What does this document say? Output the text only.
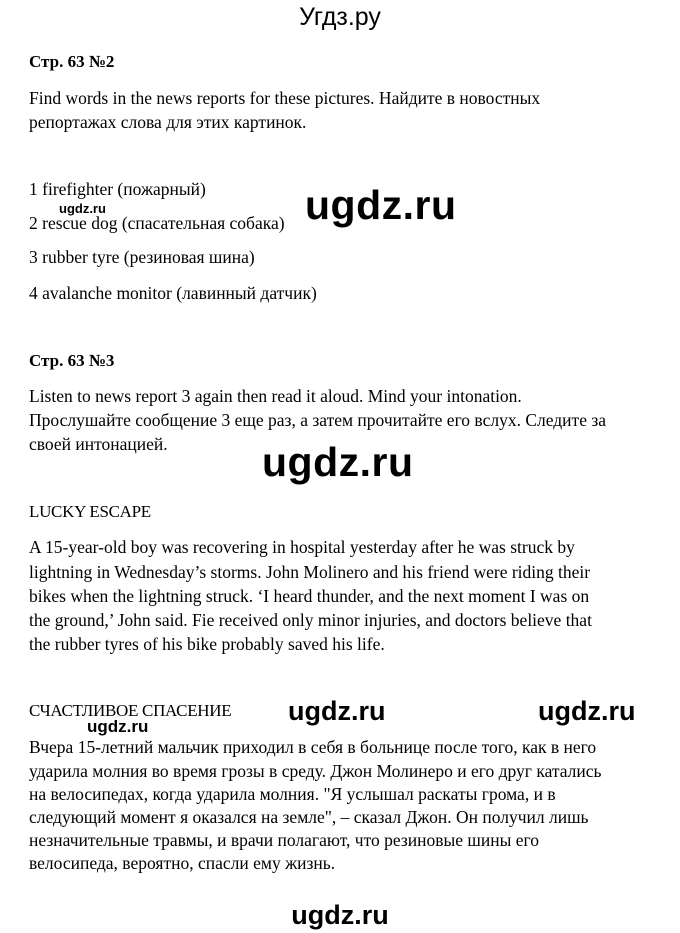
Угдз.ру
Стр. 63 №2
Find words in the news reports for these pictures. Найдите в новостных
репортажах слова для этих картинок.
1 firefighter (пожарный)
2 rescue dog (спасательная собака)
3 rubber tyre (резиновая шина)
4 avalanche monitor (лавинный датчик)
ugdz.ru	ugdz.ru
Стр. 63 №3
Listen to news report 3 again then read it aloud. Mind your intonation.
Прослушайте сообщение 3 еще раз, а затем прочитайте его вслух. Следите за
своей интонацией.	ugdz.ru
LUCKY ESCAPE
A 15-year-old boy was recovering in hospital yesterday after he was struck by
lightning in Wednesday’s storms. John Molinero and his friend were riding their
bikes when the lightning struck. ‘I heard thunder, and the next moment I was on
the ground,’ John said. Fie received only minor injuries, and doctors believe that
the rubber tyres of his bike probably saved his life.
СЧАСТЛИВОЕ СПАСЕНИЕ
ugdz.ru
ugdz.ru	ugdz.ru
Вчера 15-летний мальчик приходил в себя в больнице после того, как в него
ударила молния во время грозы в среду. Джон Молинеро и его друг катались
на велосипедах, когда ударила молния. "Я услышал раскаты грома, и в
следующий момент я оказался на земле", – сказал Джон. Он получил лишь
незначительные травмы, и врачи полагают, что резиновые шины его
велосипеда, вероятно, спасли ему жизнь.
ugdz.ru
